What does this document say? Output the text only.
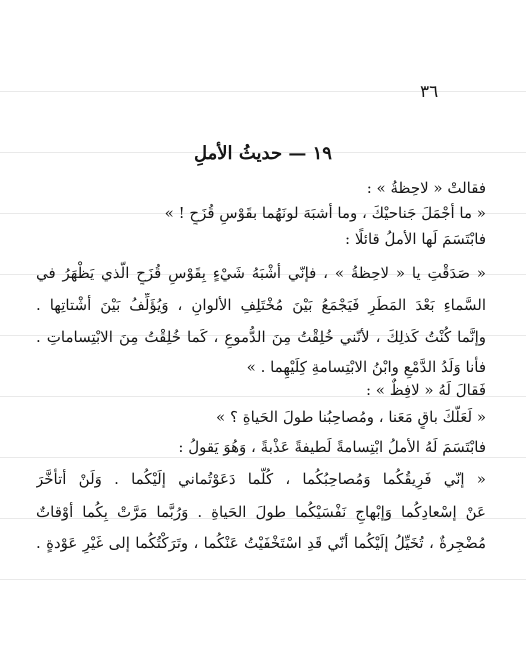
٣٦
١٩ — حديثُ الأملِ
فقالتْ « لاحِظةُ » :
« ما أجْمَلَ جَناحيْكَ ، وما أشبَهَ لونَهُما بقَوْسِ قُزَحٍ ! »
فابْتَسَمَ لَها الأملُ قائلًا :
« صَدَقْتِ يا « لاحِظةُ » ، فإنّي أشْبَهُ شَيْءٍ بِقَوْسِ قُزَحٍ الَّذي يَظْهَرُ في
السَّماءِ بَعْدَ المَطَرِ فَيَجْمَعُ بَيْنَ مُخْتَلِفِ الألوانِ ، وَيُؤَلِّفُ بَيْنَ أشْتاتِها .
وإنَّما كُنْتُ كَذلِكَ ، لأنّني خُلِقْتُ مِنَ الدُّموعِ ، كَما خُلِقْتُ مِنَ الابْتِساماتِ .
فأنا وَلَدُ الدَّمْعِ وابْنُ الابْتِسامةِ كِلَيْهِما . »
فَقالَ لَهُ « لافِظٌ » :
« لَعَلَّكَ باقٍ مَعَنا ، ومُصاحِبُنا طولَ الحَياةِ ؟ »
فابْتَسَمَ لَهُ الأملُ ابْتِسامةً لَطيفةً عَذْبةً ، وَهُوَ يَقولُ :
« إنّي فَرِيقُكُما وَمُصاحِبُكُما ، كُلَّما دَعَوْتُماني إلَيْكُما . وَلَنْ أتأخَّرَ
عَنْ إسْعادِكُما وَإبْهاجِ نَفْسَيْكُما طولَ الحَياةِ . وَرُبَّما مَرَّتْ بِكُما أوْقاتٌ
مُضْجِرةٌ ، تُخَيِّلُ إلَيْكُما أنّي قَدِ اسْتَخْفَيْتُ عَنْكُما ، وتَرَكْتُكُما إلى غَيْرِ عَوْدةٍ .
